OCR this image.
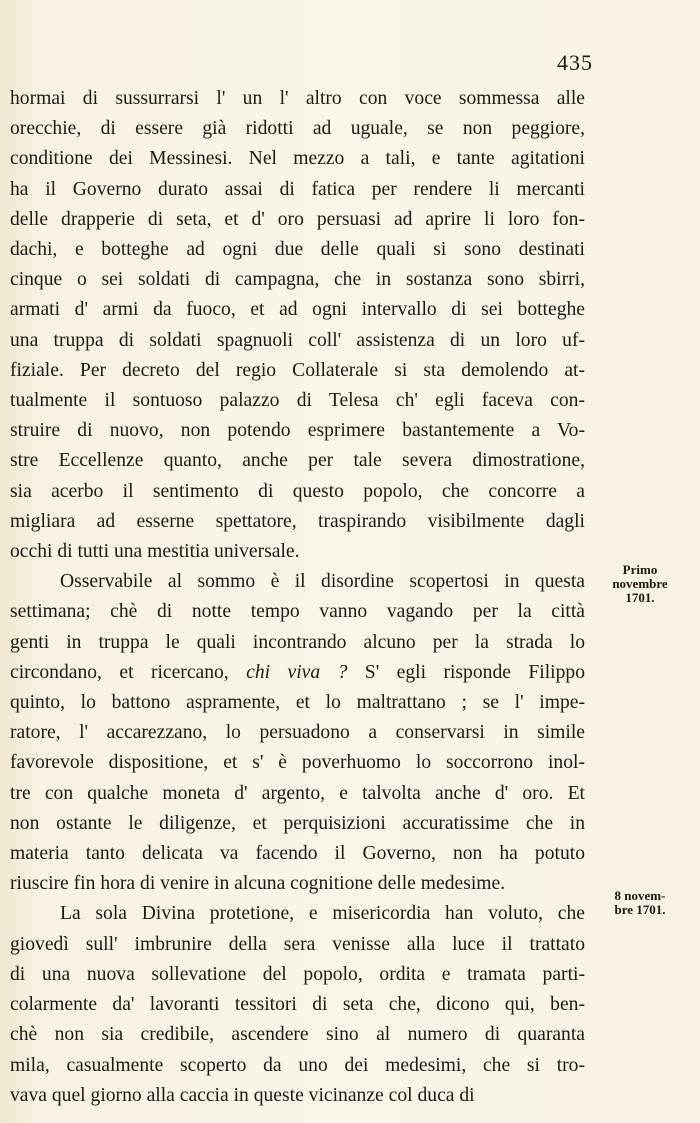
435
hormai di sussurrarsi l' un l' altro con voce sommessa alle
orecchie, di essere già ridotti ad uguale, se non peggiore,
conditione dei Messinesi. Nel mezzo a tali, e tante agitationi
ha il Governo durato assai di fatica per rendere li mercanti
delle drapperie di seta, et d' oro persuasi ad aprire li loro fon-
dachi, e botteghe ad ogni due delle quali si sono destinati
cinque o sei soldati di campagna, che in sostanza sono sbirri,
armati d' armi da fuoco, et ad ogni intervallo di sei botteghe
una truppa di soldati spagnuoli coll' assistenza di un loro uf-
fiziale. Per decreto del regio Collaterale si sta demolendo at-
tualmente il sontuoso palazzo di Telesa ch' egli faceva con-
struire di nuovo, non potendo esprimere bastantemente a Vo-
stre Eccellenze quanto, anche per tale severa dimostratione,
sia acerbo il sentimento di questo popolo, che concorre a
migliara ad esserne spettatore, traspirando visibilmente dagli
occhi di tutti una mestitia universale.
Osservabile al sommo è il disordine scopertosi in questa
settimana; chè di notte tempo vanno vagando per la città
genti in truppa le quali incontrando alcuno per la strada lo
circondano, et ricercano, chi viva ? S' egli risponde Filippo
quinto, lo battono aspramente, et lo maltrattano ; se l' impe-
ratore, l' accarezzano, lo persuadono a conservarsi in simile
favorevole dispositione, et s' è poverhuomo lo soccorrono inol-
tre con qualche moneta d' argento, e talvolta anche d' oro. Et
non ostante le diligenze, et perquisizioni accuratissime che in
materia tanto delicata va facendo il Governo, non ha potuto
riuscire fin hora di venire in alcuna cognitione delle medesime.
La sola Divina protetione, e misericordia han voluto, che
giovedì sull' imbrunire della sera venisse alla luce il trattato
di una nuova sollevatione del popolo, ordita e tramata parti-
colarmente da' lavoranti tessitori di seta che, dicono qui, ben-
chè non sia credibile, ascendere sino al numero di quaranta
mila, casualmente scoperto da uno dei medesimi, che si tro-
vava quel giorno alla caccia in queste vicinanze col duca di
Primo
novembre
1701.
8 novem-
bre 1701.
